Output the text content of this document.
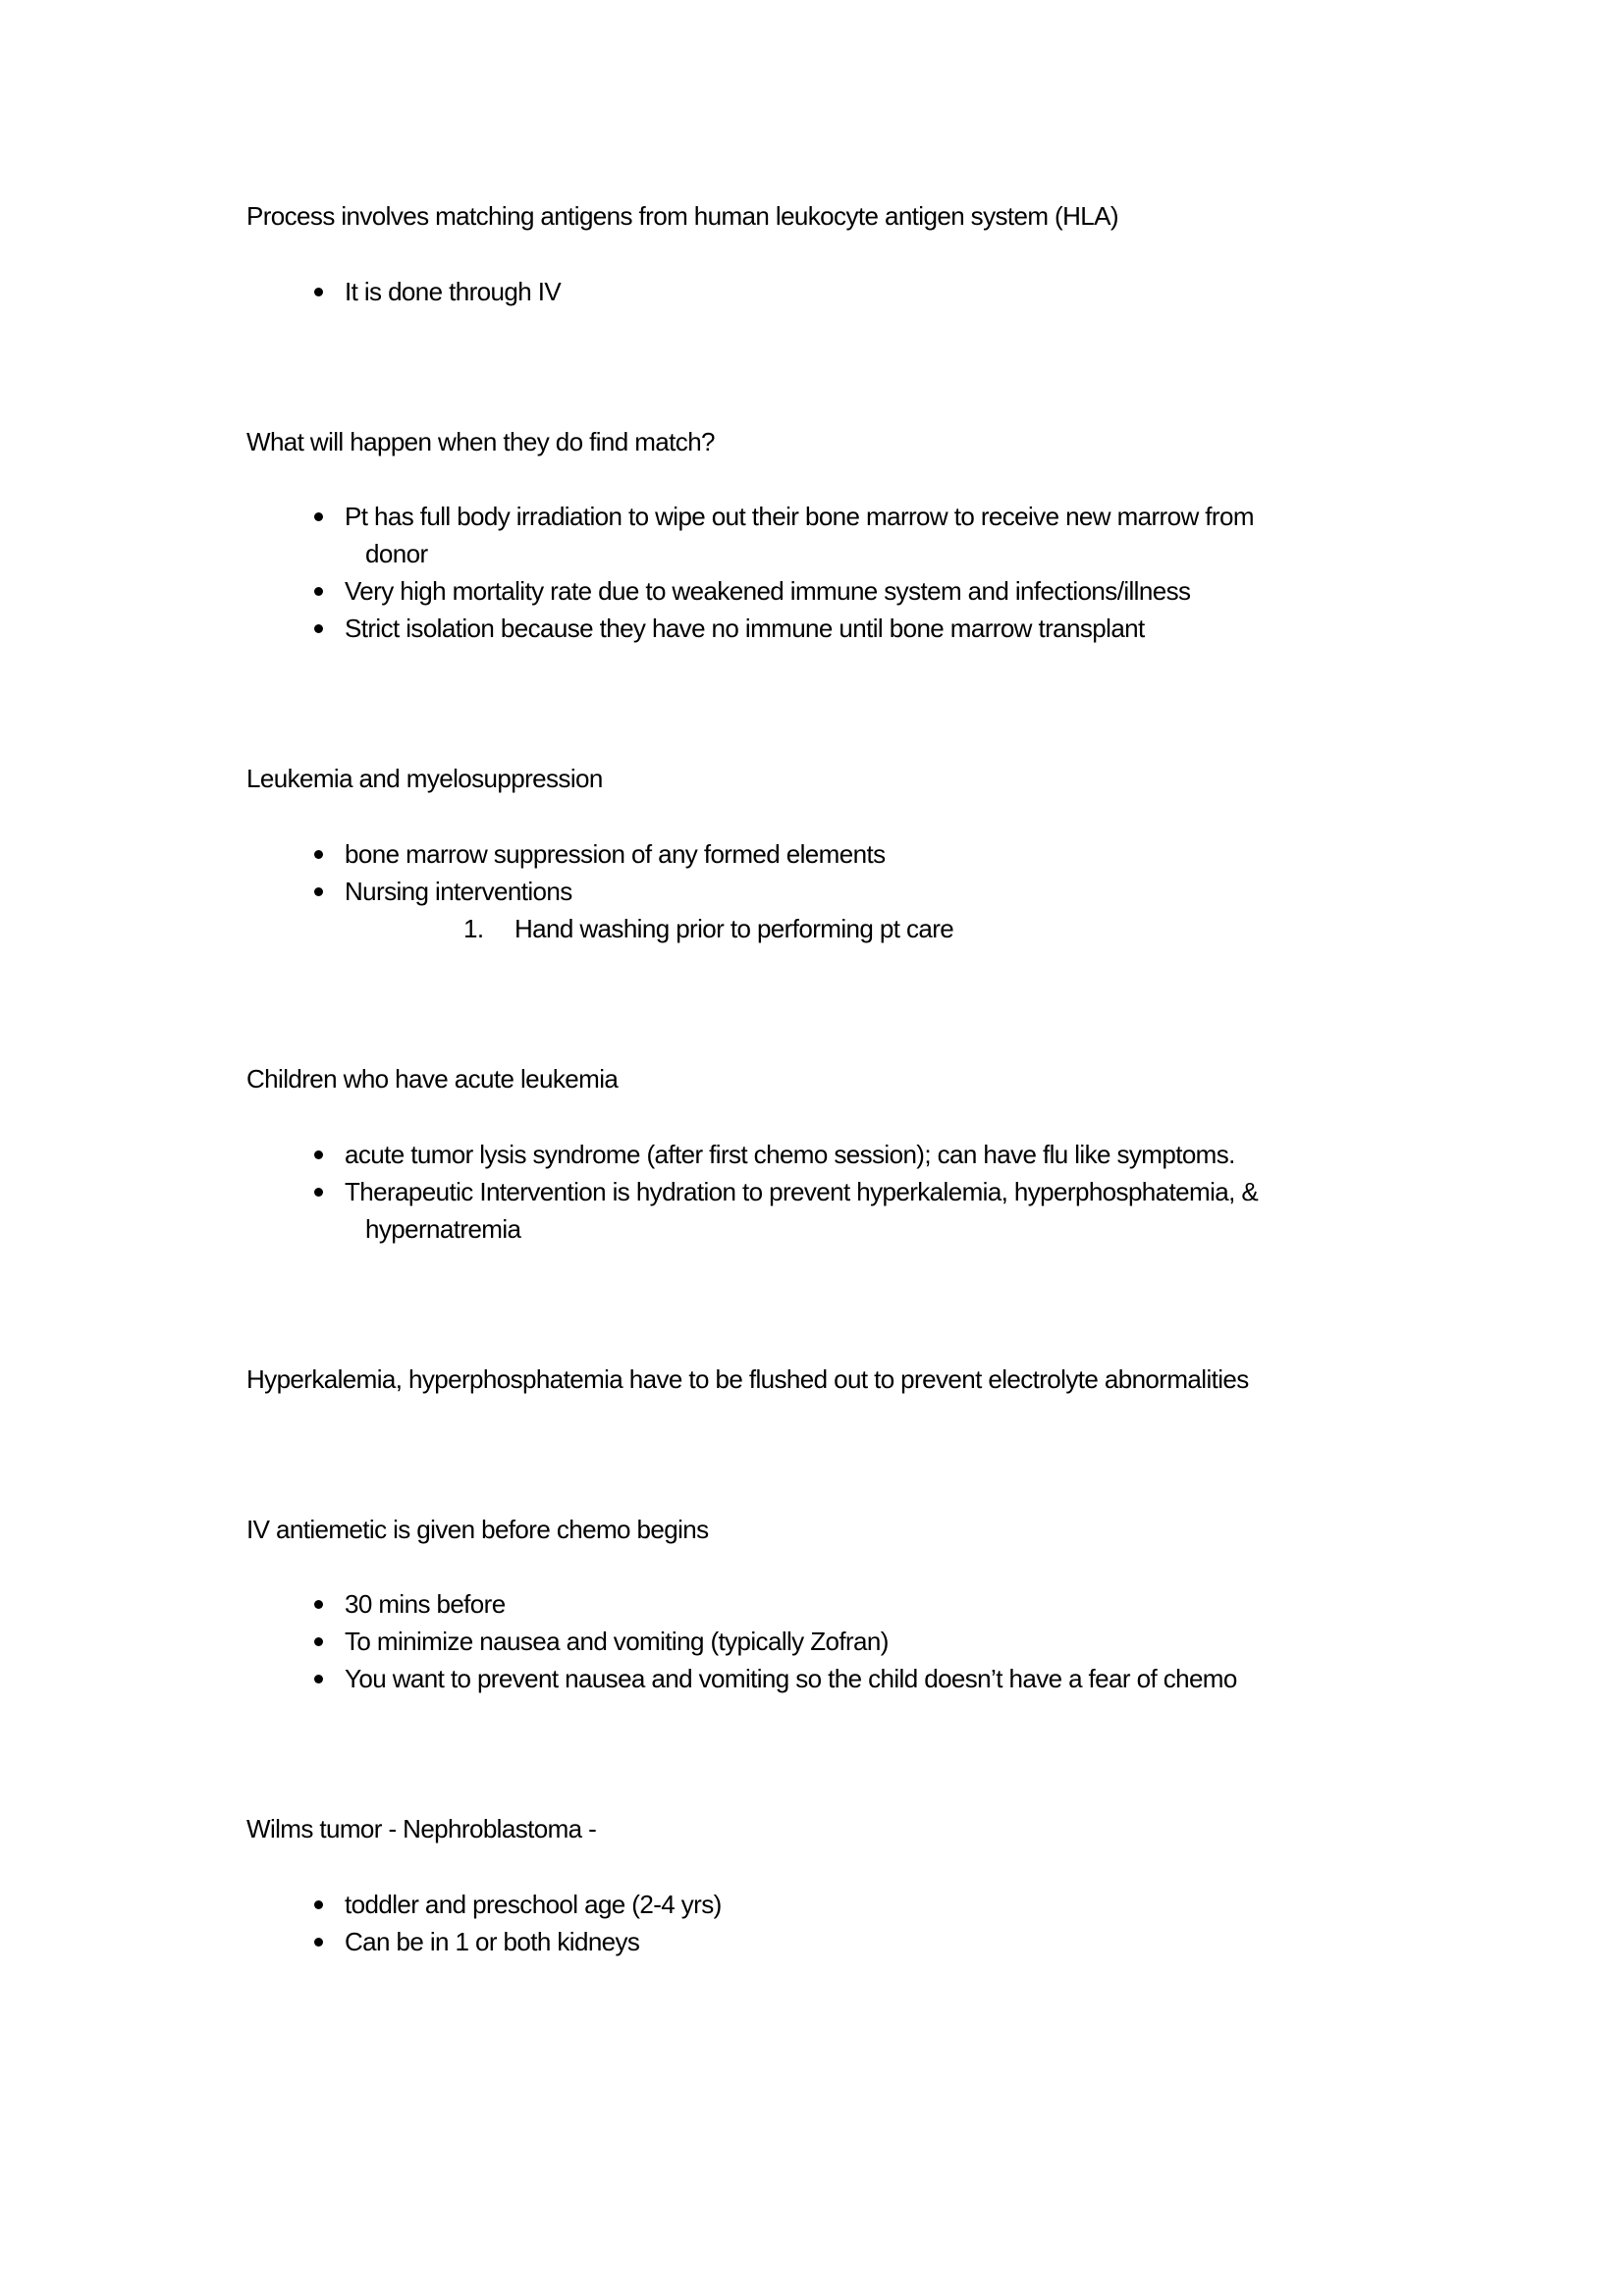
Process involves matching antigens from human leukocyte antigen system (HLA)
It is done through IV
What will happen when they do find match?
Pt has full body irradiation to wipe out their bone marrow to receive new marrow from
donor
Very high mortality rate due to weakened immune system and infections/illness
Strict isolation because they have no immune until bone marrow transplant
Leukemia and myelosuppression
bone marrow suppression of any formed elements
Nursing interventions
1. Hand washing prior to performing pt care
Children who have acute leukemia
acute tumor lysis syndrome (after first chemo session); can have flu like symptoms.
Therapeutic Intervention is hydration to prevent hyperkalemia, hyperphosphatemia, &
hypernatremia
Hyperkalemia, hyperphosphatemia have to be flushed out to prevent electrolyte abnormalities
IV antiemetic is given before chemo begins
30 mins before
To minimize nausea and vomiting (typically Zofran)
You want to prevent nausea and vomiting so the child doesn’t have a fear of chemo
Wilms tumor - Nephroblastoma -
toddler and preschool age (2-4 yrs)
Can be in 1 or both kidneys
